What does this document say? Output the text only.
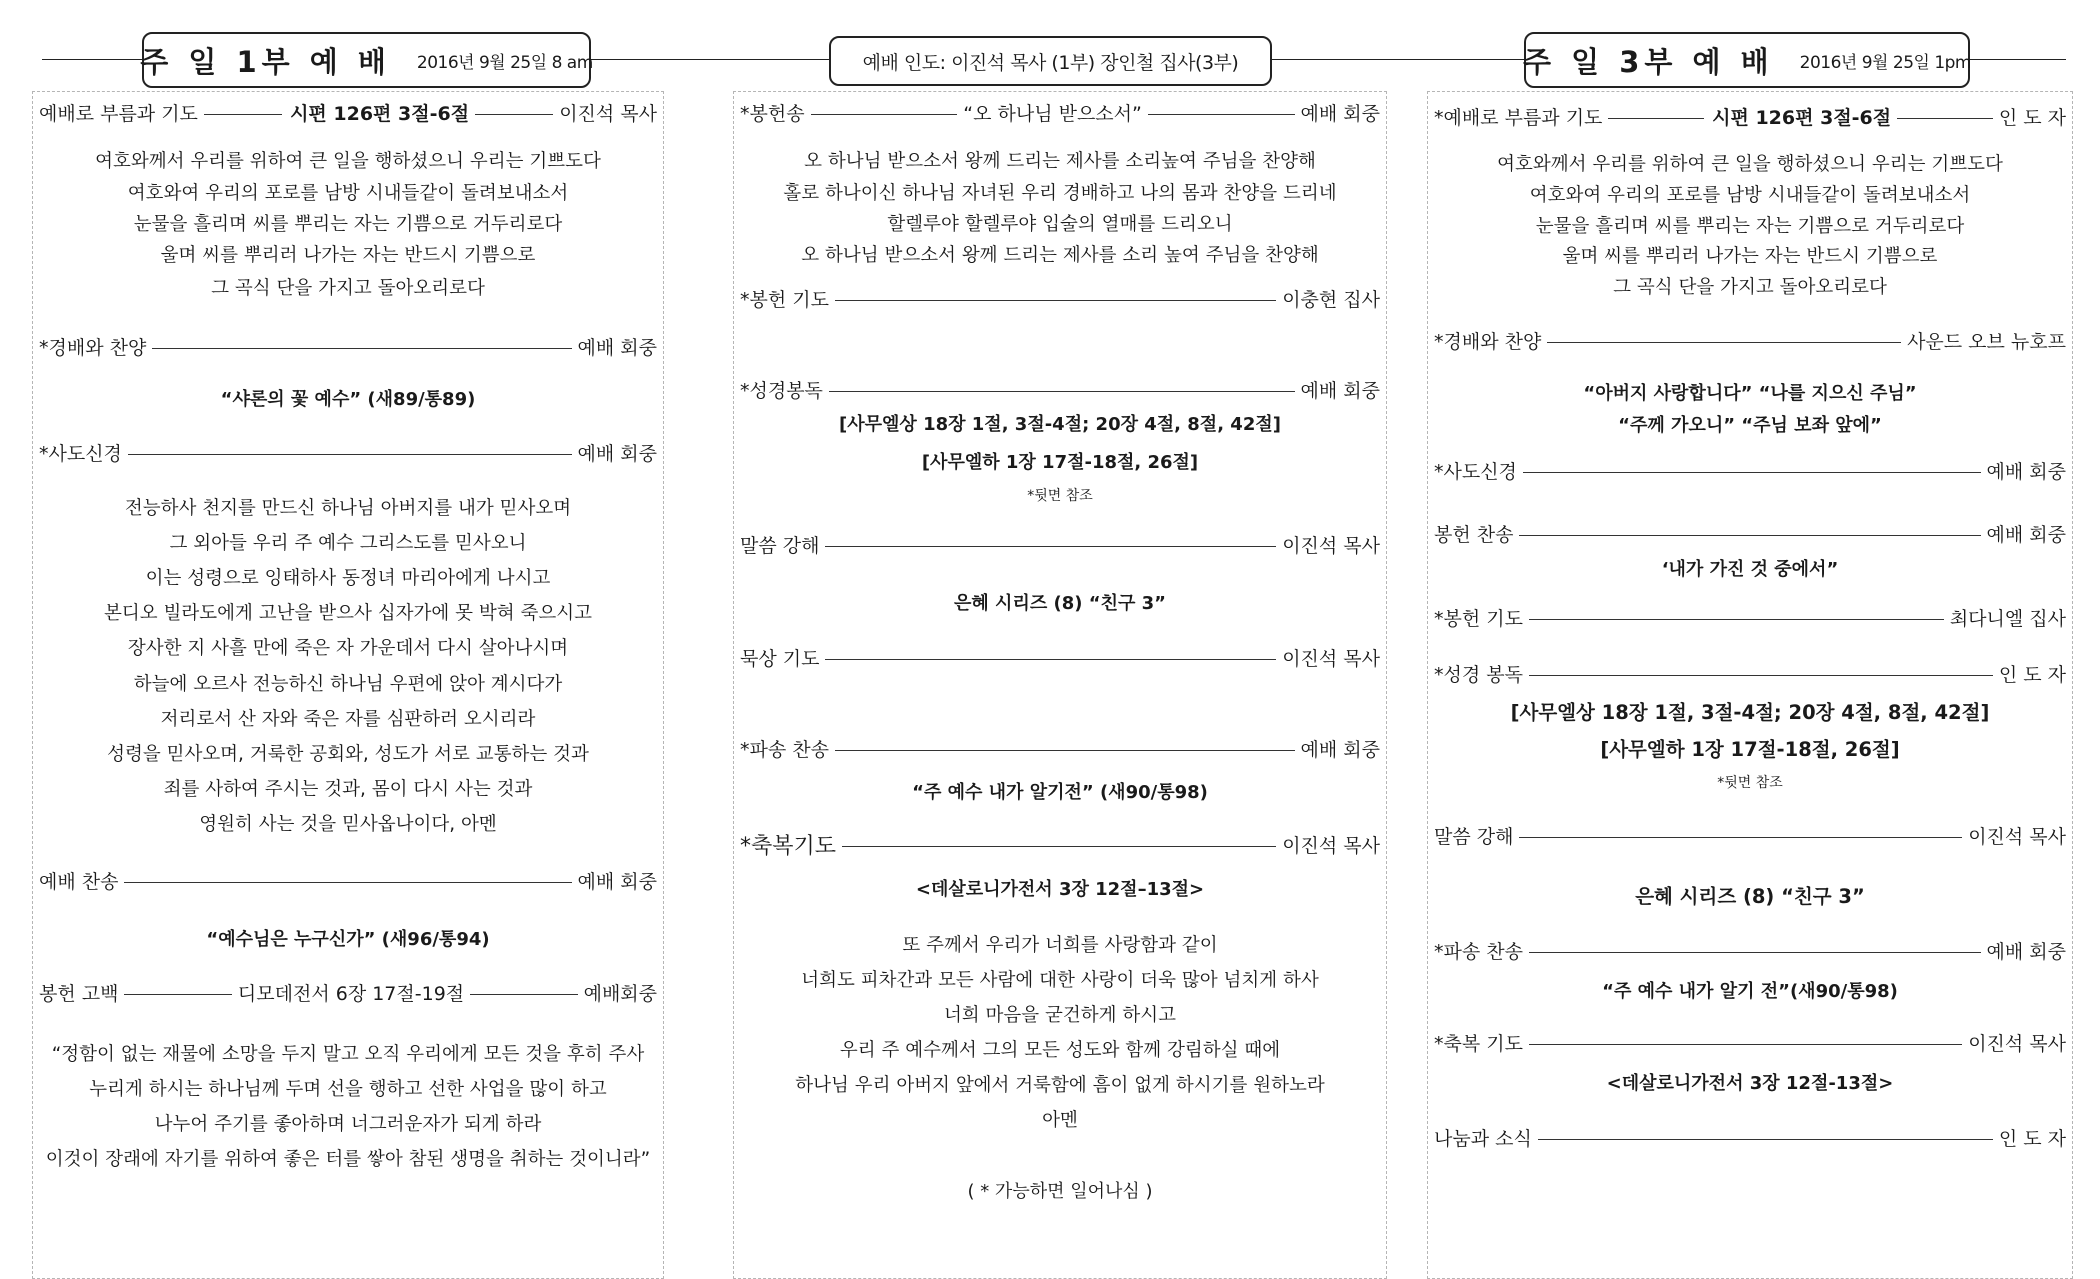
주 일 1부 예 배 2016년 9월 25일 8 am	예배 인도: 이진석 목사 (1부) 장인철 집사(3부)	주 일 3부 예 배 2016년 9월 25일 1pm
예배로 부름과 기도	시편 126편 3절-6절	이진석 목사
여호와께서 우리를 위하여 큰 일을 행하셨으니 우리는 기쁘도다
여호와여 우리의 포로를 남방 시내들같이 돌려보내소서
눈물을 흘리며 씨를 뿌리는 자는 기쁨으로 거두리로다
울며 씨를 뿌리러 나가는 자는 반드시 기쁨으로
그 곡식 단을 가지고 돌아오리로다
*경배와 찬양	예배 회중
“샤론의 꽃 예수” (새89/통89)
*사도신경	예배 회중
전능하사 천지를 만드신 하나님 아버지를 내가 믿사오며
그 외아들 우리 주 예수 그리스도를 믿사오니
이는 성령으로 잉태하사 동정녀 마리아에게 나시고
본디오 빌라도에게 고난을 받으사 십자가에 못 박혀 죽으시고
장사한 지 사흘 만에 죽은 자 가운데서 다시 살아나시며
하늘에 오르사 전능하신 하나님 우편에 앉아 계시다가
저리로서 산 자와 죽은 자를 심판하러 오시리라
성령을 믿사오며, 거룩한 공회와, 성도가 서로 교통하는 것과
죄를 사하여 주시는 것과, 몸이 다시 사는 것과
영원히 사는 것을 믿사옵나이다, 아멘
예배 찬송	예배 회중
“예수님은 누구신가” (새96/통94)
봉헌 고백	디모데전서 6장 17절-19절	예배회중
“정함이 없는 재물에 소망을 두지 말고 오직 우리에게 모든 것을 후히 주사
누리게 하시는 하나님께 두며 선을 행하고 선한 사업을 많이 하고
나누어 주기를 좋아하며 너그러운자가 되게 하라
이것이 장래에 자기를 위하여 좋은 터를 쌓아 참된 생명을 취하는 것이니라”
*봉헌송	“오 하나님 받으소서”	예배 회중
오 하나님 받으소서 왕께 드리는 제사를 소리높여 주님을 찬양해
홀로 하나이신 하나님 자녀된 우리 경배하고 나의 몸과 찬양을 드리네
할렐루야 할렐루야 입술의 열매를 드리오니
오 하나님 받으소서 왕께 드리는 제사를 소리 높여 주님을 찬양해
*봉헌 기도	이충현 집사
*성경봉독	예배 회중
[사무엘상 18장 1절, 3절-4절; 20장 4절, 8절, 42절]
[사무엘하 1장 17절-18절, 26절]
*뒷면 참조
말씀 강해	이진석 목사
은혜 시리즈 (8) “친구 3”
묵상 기도	이진석 목사
*파송 찬송	예배 회중
“주 예수 내가 알기전” (새90/통98)
*축복기도	이진석 목사
<데살로니가전서 3장 12절–13절>
또 주께서 우리가 너희를 사랑함과 같이
너희도 피차간과 모든 사람에 대한 사랑이 더욱 많아 넘치게 하사
너희 마음을 굳건하게 하시고
우리 주 예수께서 그의 모든 성도와 함께 강림하실 때에
하나님 우리 아버지 앞에서 거룩함에 흠이 없게 하시기를 원하노라
아멘
( * 가능하면 일어나심 )
*예배로 부름과 기도	시편 126편 3절-6절	인 도 자
여호와께서 우리를 위하여 큰 일을 행하셨으니 우리는 기쁘도다
여호와여 우리의 포로를 남방 시내들같이 돌려보내소서
눈물을 흘리며 씨를 뿌리는 자는 기쁨으로 거두리로다
울며 씨를 뿌리러 나가는 자는 반드시 기쁨으로
그 곡식 단을 가지고 돌아오리로다
*경배와 찬양	사운드 오브 뉴호프
“아버지 사랑합니다” “나를 지으신 주님”
“주께 가오니” “주님 보좌 앞에”
*사도신경	예배 회중
봉헌 찬송	예배 회중
‘내가 가진 것 중에서”
*봉헌 기도	최다니엘 집사
*성경 봉독	인 도 자
[사무엘상 18장 1절, 3절-4절; 20장 4절, 8절, 42절]
[사무엘하 1장 17절-18절, 26절]
*뒷면 참조
말씀 강해	이진석 목사
은혜 시리즈 (8) “친구 3”
*파송 찬송	예배 회중
“주 예수 내가 알기 전”(새90/통98)
*축복 기도	이진석 목사
<데살로니가전서 3장 12절-13절>
나눔과 소식	인 도 자
